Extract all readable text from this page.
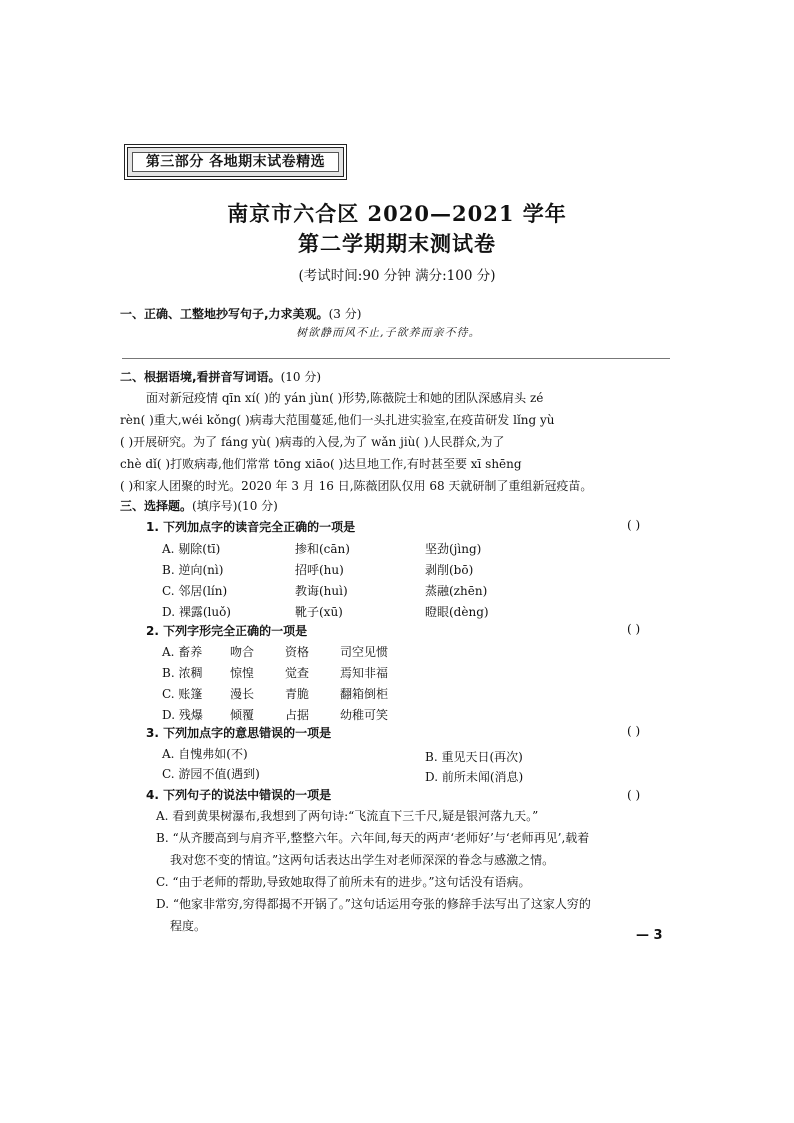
第三部分 各地期末试卷精选
南京市六合区 2020—2021 学年
第二学期期末测试卷
(考试时间:90 分钟 满分:100 分)
一、正确、工整地抄写句子,力求美观。(3 分)
树欲静而风不止,子欲养而亲不待。
二、根据语境,看拼音写词语。(10 分)
面对新冠疫情 qīn xí( )的 yán jùn( )形势,陈薇院士和她的团队深感肩头 zé
rèn( )重大,wéi kǒng( )病毒大范围蔓延,他们一头扎进实验室,在疫苗研发 lǐng yù
( )开展研究。为了 fáng yù( )病毒的入侵,为了 wǎn jiù( )人民群众,为了
chè dǐ( )打败病毒,他们常常 tōng xiāo( )达旦地工作,有时甚至要 xī shēng
( )和家人团聚的时光。2020 年 3 月 16 日,陈薇团队仅用 68 天就研制了重组新冠疫苗。
三、选择题。(填序号)(10 分)
1. 下列加点字的读音完全正确的一项是	( )
A. 剔除(tī)	掺和(cān)	坚劲(jìng)
B. 逆向(nì)	招呼(hu)	剥削(bō)
C. 邻居(lín)	教诲(huì)	蒸融(zhēn)
D. 裸露(luǒ)	靴子(xū)	瞪眼(dèng)
2. 下列字形完全正确的一项是	( )
A. 畜养 吻合	资格	司空见惯
B. 浓稠 惊惶	觉查	焉知非福
C. 账篷 漫长	青脆	翻箱倒柜
D. 残爆 倾覆	占据	幼稚可笑
3. 下列加点字的意思错误的一项是	( )
A. 自愧弗如(不)	B. 重见天日(再次)
C. 游园不值(遇到)	D. 前所未闻(消息)
4. 下列句子的说法中错误的一项是	( )
A. 看到黄果树瀑布,我想到了两句诗:“飞流直下三千尺,疑是银河落九天。”
B. “从齐腰高到与肩齐平,整整六年。六年间,每天的两声‘老师好’与‘老师再见’,载着
我对您不变的情谊。”这两句话表达出学生对老师深深的眷念与感激之情。
C. “由于老师的帮助,导致她取得了前所未有的进步。”这句话没有语病。
D. “他家非常穷,穷得都揭不开锅了。”这句话运用夸张的修辞手法写出了这家人穷的
程度。
— 3
